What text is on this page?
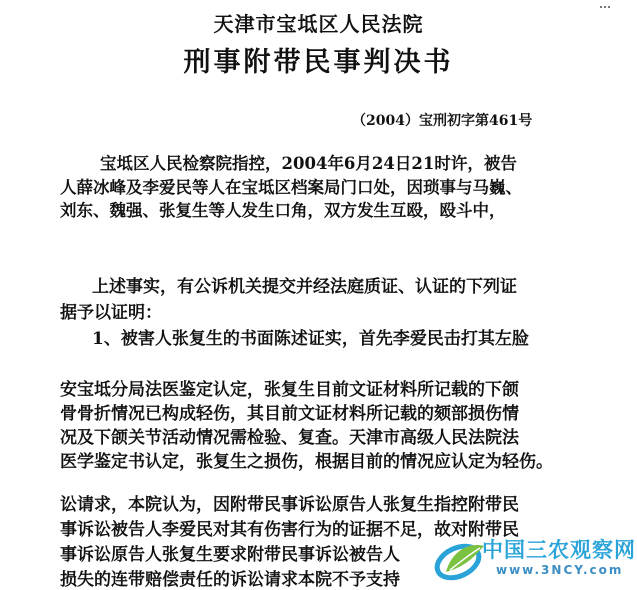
天津市宝坻区人民法院
刑事附带民事判决书
（2004）宝刑初字第461号
宝坻区人民检察院指控，2004年6月24日21时许，被告
人薛冰峰及李爱民等人在宝坻区档案局门口处，因琐事与马巍、
刘东、魏强、张复生等人发生口角，双方发生互殴，殴斗中，
上述事实，有公诉机关提交并经法庭质证、认证的下列证
据予以证明：
1、被害人张复生的书面陈述证实，首先李爱民击打其左脸
安宝坻分局法医鉴定认定，张复生目前文证材料所记载的下颌
骨骨折情况已构成轻伤，其目前文证材料所记载的颏部损伤情
况及下颌关节活动情况需检验、复查。天津市高级人民法院法
医学鉴定书认定，张复生之损伤，根据目前的情况应认定为轻伤。
讼请求，本院认为，因附带民事诉讼原告人张复生指控附带民
事诉讼被告人李爱民对其有伤害行为的证据不足，故对附带民
事诉讼原告人张复生要求附带民事诉讼被告人
损失的连带赔偿责任的诉讼请求本院不予支持
中国三农观察网
www.3NCY.com
